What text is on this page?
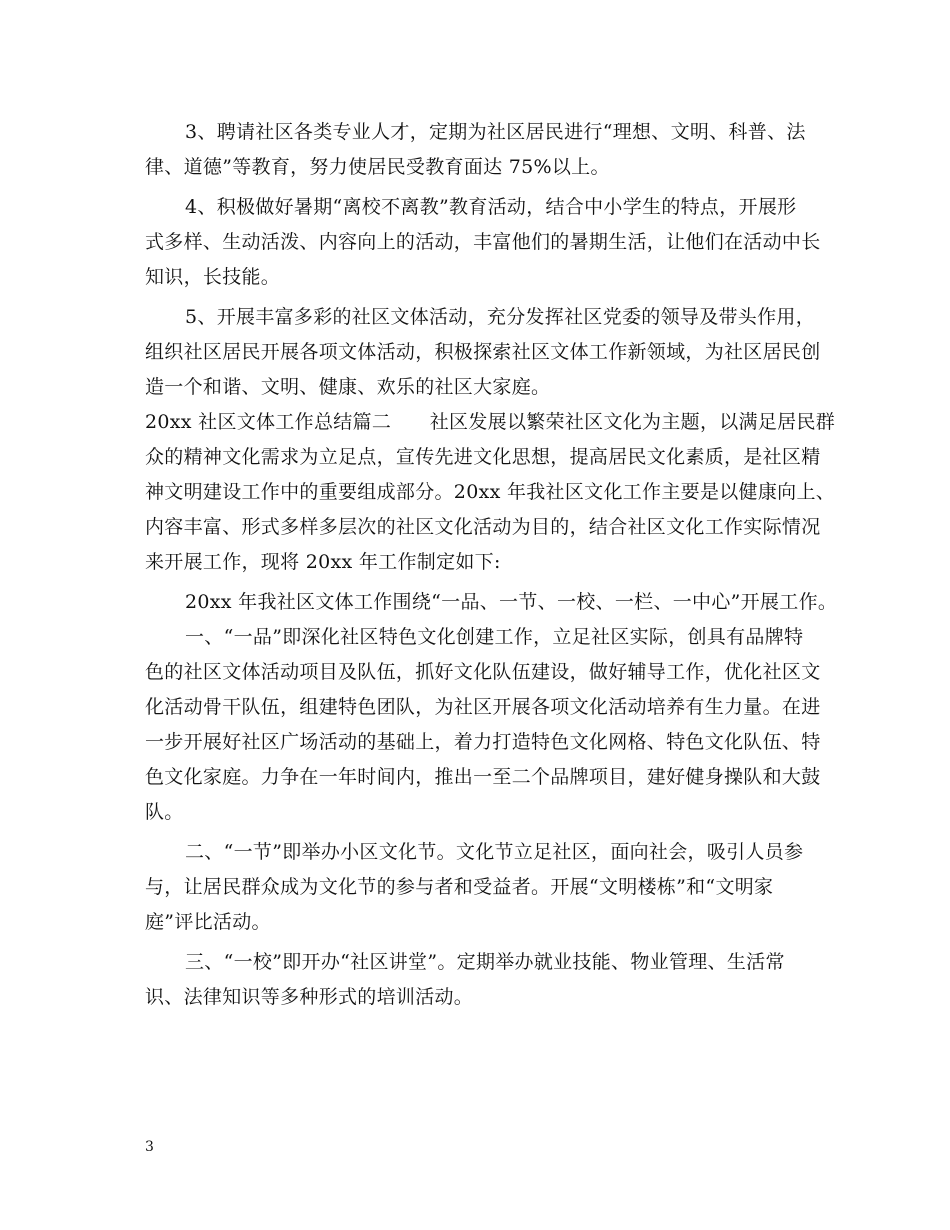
3、聘请社区各类专业人才，定期为社区居民进行“理想、文明、科普、法
律、道德”等教育，努力使居民受教育面达 75%以上。
4、积极做好暑期“离校不离教”教育活动，结合中小学生的特点，开展形
式多样、生动活泼、内容向上的活动，丰富他们的暑期生活，让他们在活动中长
知识，长技能。
5、开展丰富多彩的社区文体活动，充分发挥社区党委的领导及带头作用，
组织社区居民开展各项文体活动，积极探索社区文体工作新领域，为社区居民创
造一个和谐、文明、健康、欢乐的社区大家庭。
20xx 社区文体工作总结篇二　　社区发展以繁荣社区文化为主题，以满足居民群
众的精神文化需求为立足点，宣传先进文化思想，提高居民文化素质，是社区精
神文明建设工作中的重要组成部分。20xx 年我社区文化工作主要是以健康向上、
内容丰富、形式多样多层次的社区文化活动为目的，结合社区文化工作实际情况
来开展工作，现将 20xx 年工作制定如下:
20xx 年我社区文体工作围绕“一品、一节、一校、一栏、一中心”开展工作。
一、“一品”即深化社区特色文化创建工作，立足社区实际，创具有品牌特
色的社区文体活动项目及队伍，抓好文化队伍建设，做好辅导工作，优化社区文
化活动骨干队伍，组建特色团队，为社区开展各项文化活动培养有生力量。在进
一步开展好社区广场活动的基础上，着力打造特色文化网格、特色文化队伍、特
色文化家庭。力争在一年时间内，推出一至二个品牌项目，建好健身操队和大鼓
队。
二、“一节”即举办小区文化节。文化节立足社区，面向社会，吸引人员参
与，让居民群众成为文化节的参与者和受益者。开展“文明楼栋”和“文明家
庭”评比活动。
三、“一校”即开办“社区讲堂”。定期举办就业技能、物业管理、生活常
识、法律知识等多种形式的培训活动。
3
